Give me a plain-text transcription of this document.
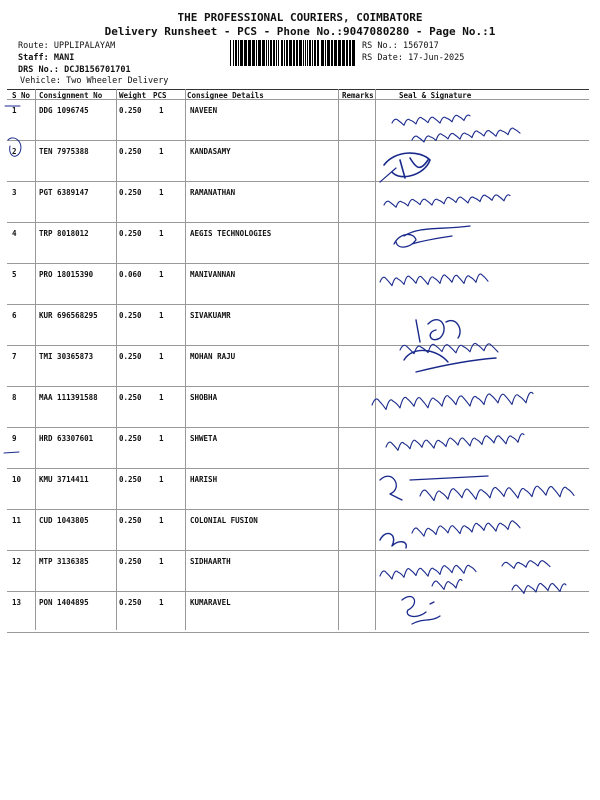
THE PROFESSIONAL COURIERS, COIMBATORE
Delivery Runsheet - PCS - Phone No.:9047080280 - Page No.:1
Route: UPPLIPALAYAM
Staff: MANI
DRS No.: DCJB156701701
Vehicle: Two Wheeler Delivery
RS No.: 1567017
RS Date: 17-Jun-2025
S No Consignment No Weight PCS	Consignee Details	Remarks	Seal & Signature
1	DDG 1096745	0.250 1	NAVEEN
2	TEN 7975388	0.250 1	KANDASAMY
3	PGT 6389147	0.250 1	RAMANATHAN
4	TRP 8018012	0.250 1	AEGIS TECHNOLOGIES
5	PRO 18015390	0.060 1	MANIVANNAN
6	KUR 696568295	0.250 1	SIVAKUAMR
7	TMI 30365873	0.250 1	MOHAN RAJU
8	MAA 111391588	0.250 1	SHOBHA
9	HRD 63307601	0.250 1	SHWETA
10 KMU 3714411	0.250 1	HARISH
11 CUD 1043805	0.250 1	COLONIAL FUSION
12 MTP 3136385	0.250 1	SIDHAARTH
13 PON 1404895	0.250 1	KUMARAVEL
